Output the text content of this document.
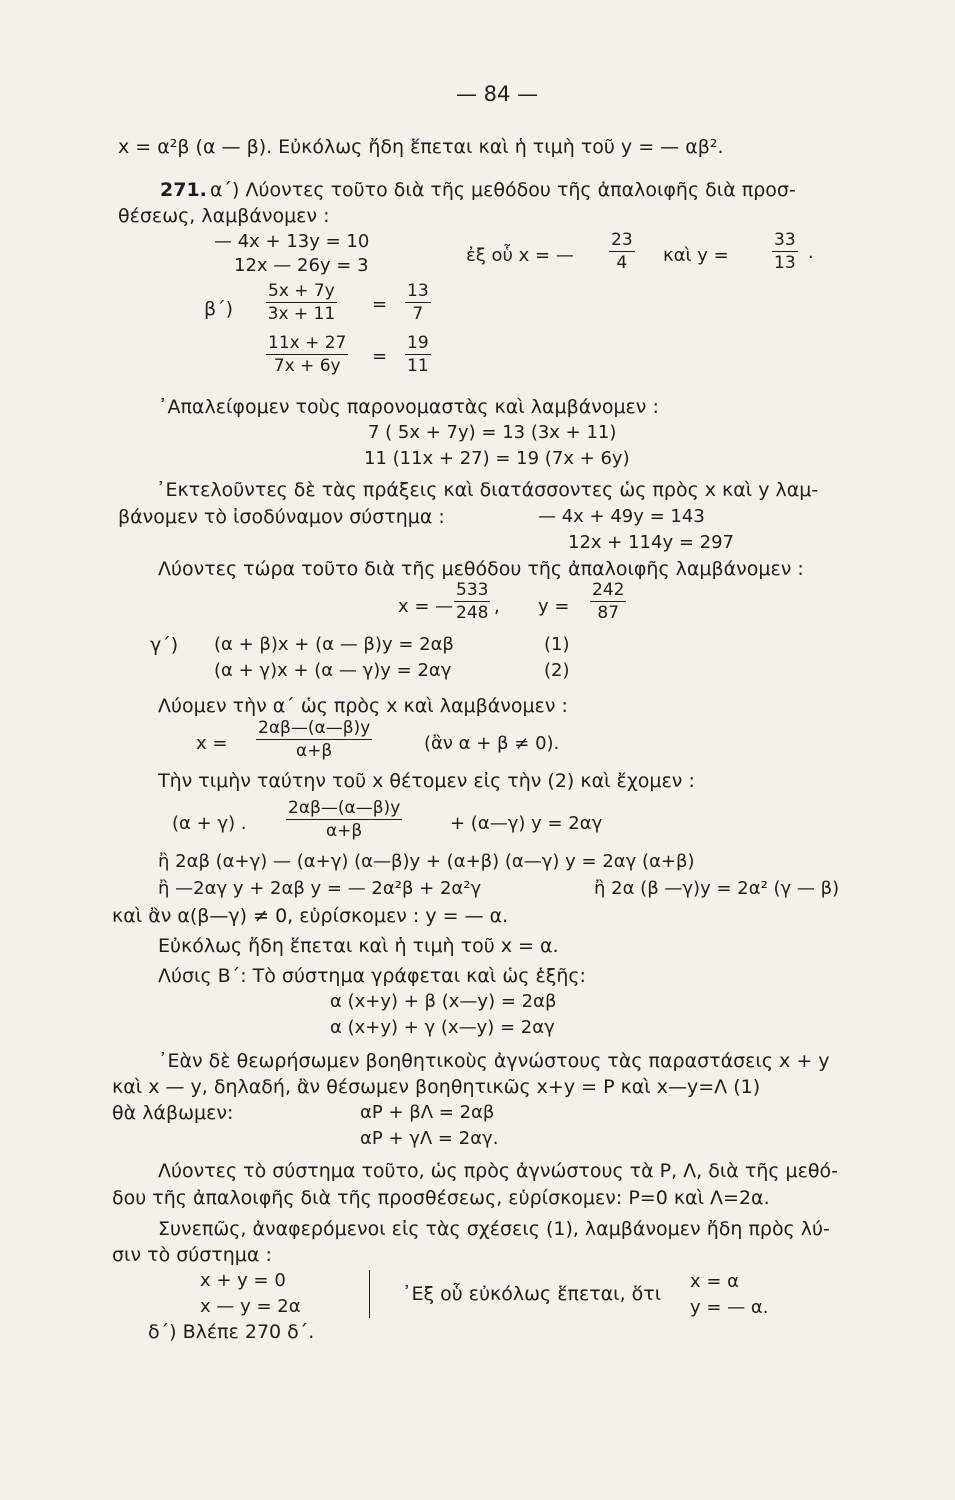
— 84 —
x = α²β (α — β). Εὐκόλως ἤδη ἕπεται καὶ ἡ τιμὴ τοῦ y = — αβ².
271. α΄) Λύοντες τοῦτο διὰ τῆς μεθόδου τῆς ἀπαλοιφῆς διὰ προσ-
θέσεως, λαμβάνομεν :
— 4x + 13y = 10
12x — 26y = 3	ἐξ οὗ x = — $\frac{23}{4}$ καὶ y =	$\frac{33}{13}$ .
$\beta΄) \frac{5x + 7y}{3x + 11} = \frac{13}{7}$
$\frac{11x + 27}{7x + 6y} = \frac{19}{11}$
᾿Απαλείφομεν τοὺς παρονομαστὰς καὶ λαμβάνομεν :
7 ( 5x + 7y) = 13 (3x + 11)
11 (11x + 27) = 19 (7x + 6y)
᾿Εκτελοῦντες δὲ τὰς πράξεις καὶ διατάσσοντες ὡς πρὸς x καὶ y λαμ-
βάνομεν τὸ ἰσοδύναμον σύστημα :	— 4x + 49y = 143
12x + 114y = 297
Λύοντες τώρα τοῦτο διὰ τῆς μεθόδου τῆς ἀπαλοιφῆς λαμβάνομεν :
x = — $\frac{533}{248}$ , $y = \frac{242}{87}$
γ΄) (α + β)x + (α — β)y = 2αβ	(1)
(α + γ)x + (α — γ)y = 2αγ	(2)
Λύομεν τὴν α΄ ὡς πρὸς x καὶ λαμβάνομεν :
$x = \frac{2\alpha\beta—(\alpha—\beta)y}{\alpha+\beta}$	(ἂν α + β ≠ 0).
Τὴν τιμὴν ταύτην τοῦ x θέτομεν εἰς τὴν (2) καὶ ἔχομεν :
(α + γ) . $\frac{2\alpha\beta—(\alpha—\beta)y}{\alpha+\beta}$	+ (α—γ) y = 2αγ
ἢ 2αβ (α+γ) — (α+γ) (α—β)y + (α+β) (α—γ) y = 2αγ (α+β)
ἢ —2αγ y + 2αβ y = — 2α²β + 2α²γ	ἢ 2α (β —γ)y = 2α² (γ — β)
καὶ ἂν α(β—γ) ≠ 0, εὑρίσκομεν : y = — α.
Εὐκόλως ἤδη ἕπεται καὶ ἡ τιμὴ τοῦ x = α.
Λύσις Β΄: Τὸ σύστημα γράφεται καὶ ὡς ἑξῆς:
α (x+y) + β (x—y) = 2αβ
α (x+y) + γ (x—y) = 2αγ
᾿Εὰν δὲ θεωρήσωμεν βοηθητικοὺς ἀγνώστους τὰς παραστάσεις x + y
καὶ x — y, δηλαδή, ἂν θέσωμεν βοηθητικῶς x+y = P καὶ x—y=Λ (1)
θὰ λάβωμεν:	αP + βΛ = 2αβ
αP + γΛ = 2αγ.
Λύοντες τὸ σύστημα τοῦτο, ὡς πρὸς ἀγνώστους τὰ P, Λ, διὰ τῆς μεθό-
δου τῆς ἀπαλοιφῆς διὰ τῆς προσθέσεως, εὑρίσκομεν: P=0 καὶ Λ=2α.
Συνεπῶς, ἀναφερόμενοι εἰς τὰς σχέσεις (1), λαμβάνομεν ἤδη πρὸς λύ-
σιν τὸ σύστημα :
x + y = 0
x — y = 2α
᾿Εξ οὗ εὐκόλως ἕπεται, ὅτι
x = α
y = — α.
δ΄) Βλέπε 270 δ΄.
